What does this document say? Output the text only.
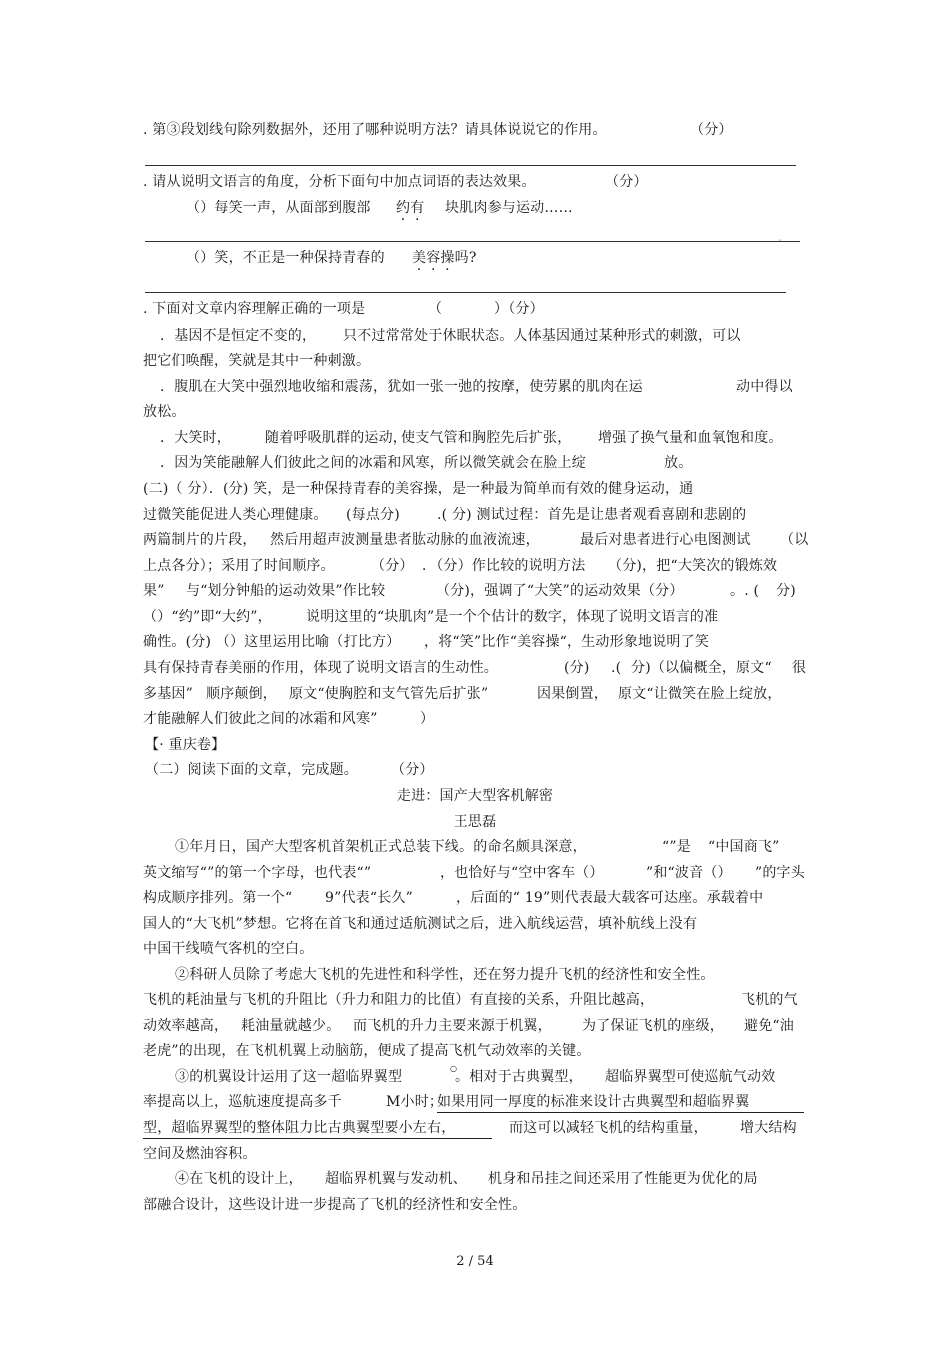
. 第③段划线句除列数据外，还用了哪种说明方法？请具体说说它的作用。	（分）
. 请从说明文语言的角度，分析下面句中加点词语的表达效果。	（分）
（）每笑一声，从面部到腹部 约有 块肌肉参与运动……
-
（）笑，不正是一种保持青春的 美容操吗?
. 下面对文章内容理解正确的一项是	（	）（分）
．基因不是恒定不变的， 只不过常常处于休眠状态。人体基因通过某种形式的刺激，可以
把它们唤醒，笑就是其中一种刺激。
．腹肌在大笑中强烈地收缩和震荡，犹如一张一弛的按摩，使劳累的肌肉在运	动中得以
放松。
．大笑时， 随着呼吸肌群的运动，
使支气管和胸腔先后扩张， 增强了换气量和血氧饱和度。
．因为笑能融解人们彼此之间的冰霜和风寒，所以微笑就会在脸上绽	放。
(二)（ 分）．(分) 笑，是一种保持青春的美容操，是一种最为简单而有效的健身运动，通
过微笑能促进人类心理健康。 (每点分)	.( 分) 测试过程：首先是让患者观看喜剧和悲剧的
两篇制片的片段， 然后用超声波测量患者肱动脉的血液流速，	最后对患者进行心电图测试 （以
上点各分）；采用了时间顺序。	（分） ．（分）作比较的说明方法 （分)，把“大笑次的锻炼效
果” 与“划分钟船的运动效果”作比较	（分)，强调了“大笑”的运动效果（分）	。. ( 分)
（）“约”即“大约”， 说明这里的“块肌肉”是一个个估计的数字，体现了说明文语言的准
确性。(分) （）这里运用比喻（打比方） ，将“笑”比作“美容操“，生动形象地说明了笑
具有保持青春美丽的作用，体现了说明文语言的生动性。	(分) .( 分)（以偏概全，原文“ 很
多基因” 顺序颠倒， 原文“使胸腔和支气管先后扩张”	因果倒置， 原文“让微笑在脸上绽放，
才能融解人们彼此之间的冰霜和风寒”	）
【· 重庆卷】
（二）阅读下面的文章，完成题。 （分）
走进：国产大型客机解密
王思磊
①年月日，国产大型客机首架机正式总装下线。的命名颇具深意，	“”是 “中国商飞”
英文缩写“”的第一个字母，也代表“”	，也恰好与“空中客车（）	”和“波音（） ”的字头
构成顺序排列。第一个“ 9”代表“长久”	，后面的“ 19”则代表最大载客可达座。承载着中
国人的“大飞机”梦想。它将在首飞和通过适航测试之后，进入航线运营，填补航线上没有
中国干线喷气客机的空白。
②科研人员除了考虑大飞机的先进性和科学性，还在努力提升飞机的经济性和安全性。
飞机的耗油量与飞机的升阻比（升力和阻力的比值）有直接的关系，升阻比越高，	飞机的气
动效率越高， 耗油量就越少。 而飞机的升力主要来源于机翼， 为了保证飞机的座级， 避免“油
老虎”的出现，在飞机机翼上动脑筋，便成了提高飞机气动效率的关键。
③的机翼设计运用了这一超临界翼型
○
。相对于古典翼型， 超临界翼型可使巡航气动效
率提高以上，巡航速度提高多千	M小时；
如果用同一厚度的标准来设计古典翼型和超临界翼
型，超临界翼型的整体阻力比古典翼型要小左右，	而这可以减轻飞机的结构重量， 增大结构
空间及燃油容积。
④在飞机的设计上， 超临界机翼与发动机、 机身和吊挂之间还采用了性能更为优化的局
部融合设计，这些设计进一步提高了飞机的经济性和安全性。
2 / 54
